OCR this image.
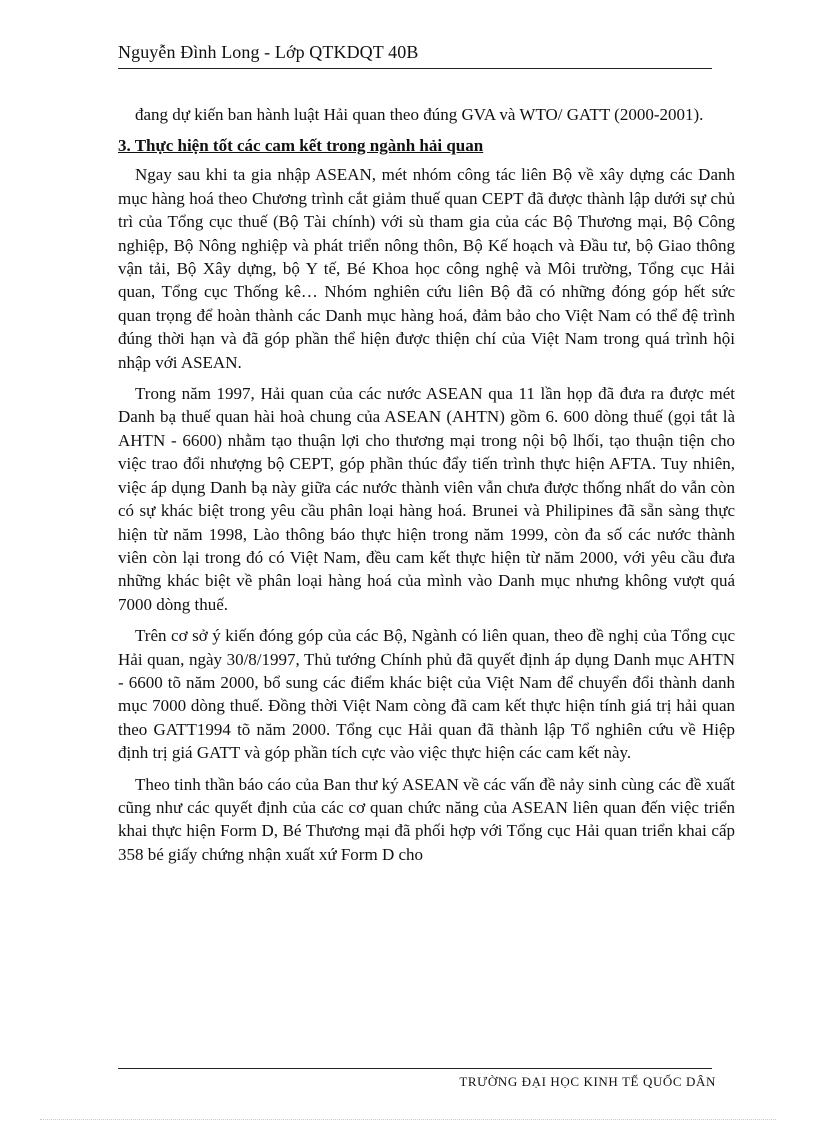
Nguyễn Đình Long - Lớp QTKDQT 40B

đang dự kiến ban hành luật Hải quan theo đúng GVA và WTO/ GATT (2000-2001).

3. Thực hiện tốt các cam kết trong ngành hải quan

Ngay sau khi ta gia nhập ASEAN, mét nhóm công tác liên Bộ về xây dựng các Danh mục hàng hoá theo Chương trình cắt giảm thuế quan CEPT đã được thành lập dưới sự chủ trì của Tổng cục thuế (Bộ Tài chính) với sù tham gia của các Bộ Thương mại, Bộ Công nghiệp, Bộ Nông nghiệp và phát triển nông thôn, Bộ Kế hoạch và Đầu tư, bộ Giao thông vận tải, Bộ Xây dựng, bộ Y tế, Bé Khoa học công nghệ và Môi trường, Tổng cục Hải quan, Tổng cục Thống kê… Nhóm nghiên cứu liên Bộ đã có những đóng góp hết sức quan trọng để hoàn thành các Danh mục hàng hoá, đảm bảo cho Việt Nam có thể đệ trình đúng thời hạn và đã góp phần thể hiện được thiện chí của Việt Nam trong quá trình hội nhập với ASEAN.

Trong năm 1997, Hải quan của các nước ASEAN qua 11 lần họp đã đưa ra được mét Danh bạ thuế quan hài hoà chung của ASEAN (AHTN) gồm 6. 600 dòng thuế (gọi tắt là AHTN - 6600) nhằm tạo thuận lợi cho thương mại trong nội bộ lhối, tạo thuận tiện cho việc trao đổi nhượng bộ CEPT, góp phần thúc đẩy tiến trình thực hiện AFTA. Tuy nhiên, việc áp dụng Danh bạ này giữa các nước thành viên vẫn chưa được thống nhất do vẫn còn có sự khác biệt trong yêu cầu phân loại hàng hoá. Brunei và Philipines đã sẵn sàng thực hiện từ năm 1998, Lào thông báo thực hiện trong năm 1999, còn đa số các nước thành viên còn lại trong đó có Việt Nam, đều cam kết thực hiện từ năm 2000, với yêu cầu đưa những khác biệt về phân loại hàng hoá của mình vào Danh mục nhưng không vượt quá 7000 dòng thuế.

Trên cơ sở ý kiến đóng góp của các Bộ, Ngành có liên quan, theo đề nghị của Tổng cục Hải quan, ngày 30/8/1997, Thủ tướng Chính phủ đã quyết định áp dụng Danh mục AHTN - 6600 tõ năm 2000, bổ sung các điểm khác biệt của Việt Nam để chuyển đổi thành danh mục 7000 dòng thuế. Đồng thời Việt Nam còng đã cam kết thực hiện tính giá trị hải quan theo GATT1994 tõ năm 2000. Tổng cục Hải quan đã thành lập Tổ nghiên cứu về Hiệp định trị giá GATT và góp phần tích cực vào việc thực hiện các cam kết này.

Theo tinh thần báo cáo của Ban thư ký ASEAN về các vấn đề nảy sinh cùng các đề xuất cũng như các quyết định của các cơ quan chức năng của ASEAN liên quan đến việc triển khai thực hiện Form D, Bé Thương mại đã phối hợp với Tổng cục Hải quan triển khai cấp 358 bé giấy chứng nhận xuất xứ Form D cho

TRƯỜNG ĐẠI HỌC KINH TẾ QUỐC DÂN
